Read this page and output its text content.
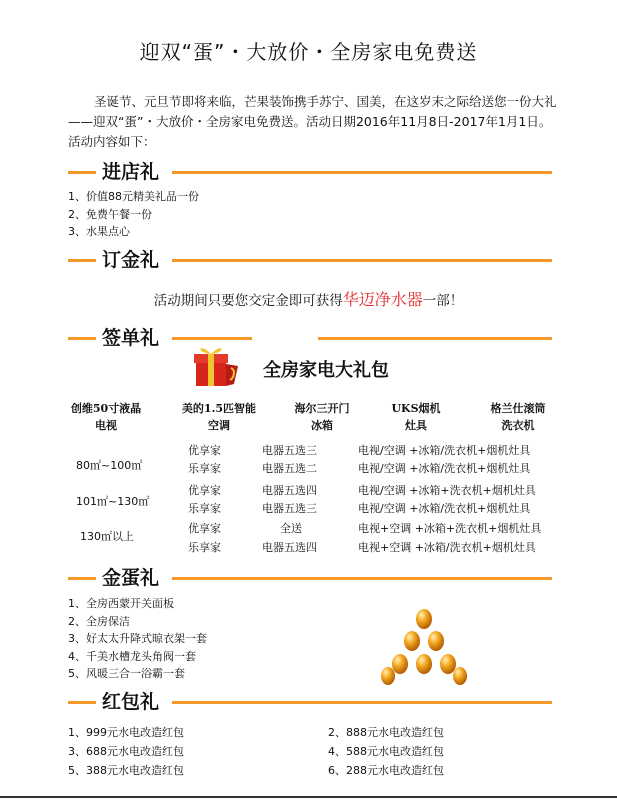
迎双“蛋”・大放价・全房家电免费送
圣诞节、元旦节即将来临，芒果装饰携手苏宁、国美，在这岁末之际给送您一份大礼——迎双“蛋”・大放价・全房家电免费送。活动日期2016年11月8日-2017年1月1日。活动内容如下：
进店礼
1、价值88元精美礼品一份
2、免费午餐一份
3、水果点心
订金礼
活动期间只要您交定金即可获得华迈净水器一部！
签单礼
全房家电大礼包
创维50寸液晶
电视
美的1.5匹智能
空调
海尔三开门
冰箱
UKS烟机
灶具
格兰仕滚筒
洗衣机
80㎡~100㎡
优享家
乐享家
电器五选三
电器五选二
电视/空调 +冰箱/洗衣机+烟机灶具
电视/空调 +冰箱/洗衣机+烟机灶具
101㎡~130㎡
优享家
乐享家
电器五选四
电器五选三
电视/空调 +冰箱+洗衣机+烟机灶具
电视/空调 +冰箱/洗衣机+烟机灶具
130㎡以上
优享家
乐享家
全送
电器五选四
电视+空调 +冰箱+洗衣机+烟机灶具
电视+空调 +冰箱/洗衣机+烟机灶具
金蛋礼
1、全房西蒙开关面板
2、全房保洁
3、好太太升降式晾衣架一套
4、千美水槽龙头角阀一套
5、风暖三合一浴霸一套
红包礼
1、999元水电改造红包
3、688元水电改造红包
5、388元水电改造红包
2、888元水电改造红包
4、588元水电改造红包
6、288元水电改造红包
